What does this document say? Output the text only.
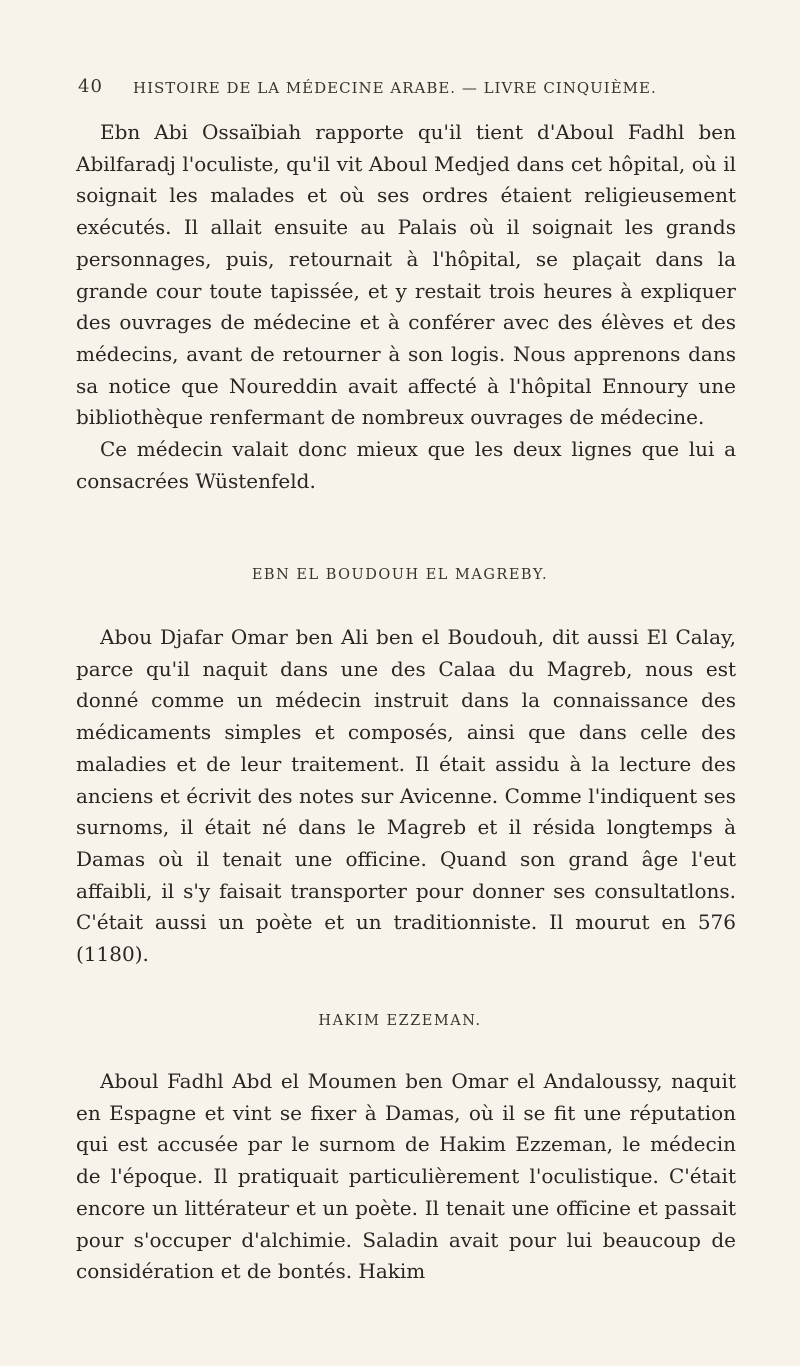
40 HISTOIRE DE LA MÉDECINE ARABE. — LIVRE CINQUIÈME.

Ebn Abi Ossaïbiah rapporte qu'il tient d'Aboul Fadhl ben Abilfaradj l'oculiste, qu'il vit Aboul Medjed dans cet hôpital, où il soignait les malades et où ses ordres étaient religieusement exécutés. Il allait ensuite au Palais où il soignait les grands personnages, puis, retournait à l'hôpital, se plaçait dans la grande cour toute tapissée, et y restait trois heures à expliquer des ouvrages de médecine et à conférer avec des élèves et des médecins, avant de retourner à son logis. Nous apprenons dans sa notice que Noureddin avait affecté à l'hôpital Ennoury une bibliothèque renfermant de nombreux ouvrages de médecine.

Ce médecin valait donc mieux que les deux lignes que lui a consacrées Wüstenfeld.

EBN EL BOUDOUH EL MAGREBY.

Abou Djafar Omar ben Ali ben el Boudouh, dit aussi El Calay, parce qu'il naquit dans une des Calaa du Magreb, nous est donné comme un médecin instruit dans la connaissance des médicaments simples et composés, ainsi que dans celle des maladies et de leur traitement. Il était assidu à la lecture des anciens et écrivit des notes sur Avicenne. Comme l'indiquent ses surnoms, il était né dans le Magreb et il résida longtemps à Damas où il tenait une officine. Quand son grand âge l'eut affaibli, il s'y faisait transporter pour donner ses consultatlons. C'était aussi un poète et un traditionniste. Il mourut en 576 (1180).

HAKIM EZZEMAN.

Aboul Fadhl Abd el Moumen ben Omar el Andaloussy, naquit en Espagne et vint se fixer à Damas, où il se fit une réputation qui est accusée par le surnom de Hakim Ezzeman, le médecin de l'époque. Il pratiquait particulièrement l'oculistique. C'était encore un littérateur et un poète. Il tenait une officine et passait pour s'occuper d'alchimie. Saladin avait pour lui beaucoup de considération et de bontés. Hakim
